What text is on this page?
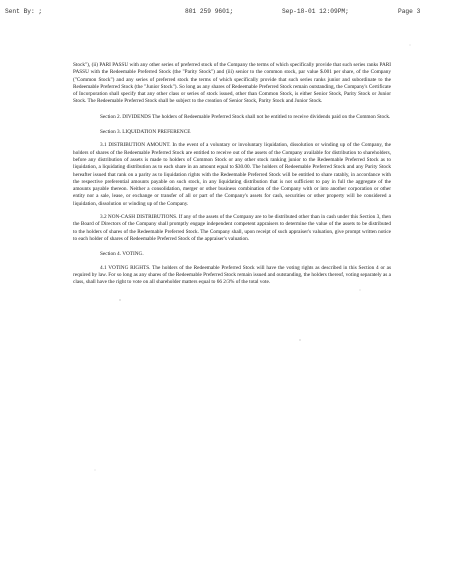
Sent By: ;	801 259 9601;	Sep-18-01 12:09PM;	Page 3

Stock"), (ii) PARI PASSU with any other series of preferred stock of the Company the terms of which specifically provide that such series ranks PARI PASSU with the Redeemable Preferred Stock (the "Parity Stock") and (iii) senior to the common stock, par value $.001 per share, of the Company ("Common Stock") and any series of preferred stock the terms of which specifically provide that such series ranks junior and subordinate to the Redeemable Preferred Stock (the "Junior Stock"). So long as any shares of Redeemable Preferred Stock remain outstanding, the Company's Certificate of Incorporation shall specify that any other class or series of stock issued, other than Common Stock, is either Senior Stock, Parity Stock or Junior Stock. The Redeemable Preferred Stock shall be subject to the creation of Senior Stock, Parity Stock and Junior Stock.

Section 2. DIVIDENDS The holders of Redeemable Preferred Stock shall not be entitled to receive dividends paid on the Common Stock.

Section 3. LIQUIDATION PREFERENCE

3.1 DISTRIBUTION AMOUNT. In the event of a voluntary or involuntary liquidation, dissolution or winding up of the Company, the holders of shares of the Redeemable Preferred Stock are entitled to receive out of the assets of the Company available for distribution to shareholders, before any distribution of assets is made to holders of Common Stock or any other stock ranking junior to the Redeemable Preferred Stock as to liquidation, a liquidating distribution as to each share in an amount equal to $30.00. The holders of Redeemable Preferred Stock and any Parity Stock hereafter issued that rank on a parity as to liquidation rights with the Redeemable Preferred Stock will be entitled to share ratably, in accordance with the respective preferential amounts payable on such stock, in any liquidating distribution that is not sufficient to pay in full the aggregate of the amounts payable thereon. Neither a consolidation, merger or other business combination of the Company with or into another corporation or other entity nor a sale, lease, or exchange or transfer of all or part of the Company's assets for cash, securities or other property will be considered a liquidation, dissolution or winding up of the Company.

3.2 NON-CASH DISTRIBUTIONS. If any of the assets of the Company are to be distributed other than in cash under this Section 3, then the Board of Directors of the Company shall promptly engage independent competent appraisers to determine the value of the assets to be distributed to the holders of shares of the Redeemable Preferred Stock. The Company shall, upon receipt of such appraiser's valuation, give prompt written notice to each holder of shares of Redeemable Preferred Stock of the appraiser's valuation.

Section 4. VOTING.

4.1 VOTING RIGHTS. The holders of the Redeemable Preferred Stock will have the voting rights as described in this Section 4 or as required by law. For so long as any shares of the Redeemable Preferred Stock remain issued and outstanding, the holders thereof, voting separately as a class, shall have the right to vote on all shareholder matters equal to 66 2/3% of the total vote.
